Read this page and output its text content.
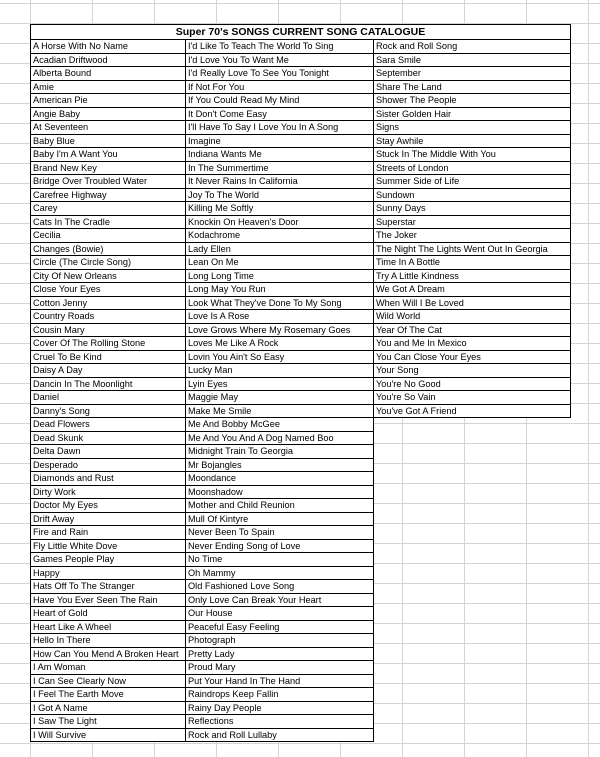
Super 70's SONGS CURRENT SONG CATALOGUE
A Horse With No Name	I'd Like To Teach The World To Sing	Rock and Roll Song
Acadian Driftwood	I'd Love You To Want Me	Sara Smile
Alberta Bound	I'd Really Love To See You Tonight	September
Amie	If Not For You	Share The Land
American Pie	If You Could Read My Mind	Shower The People
Angie Baby	It Don't Come Easy	Sister Golden Hair
At Seventeen	I'll Have To Say I Love You In A Song	Signs
Baby Blue	Imagine	Stay Awhile
Baby I'm A Want You	Indiana Wants Me	Stuck In The Middle With You
Brand New Key	In The Summertime	Streets of London
Bridge Over Troubled Water	It Never Rains In California	Summer Side of Life
Carefree Highway	Joy To The World	Sundown
Carey	Killing Me Softly	Sunny Days
Cats In The Cradle	Knockin On Heaven's Door	Superstar
Cecilia	Kodachrome	The Joker
Changes (Bowie)	Lady Ellen	The Night The Lights Went Out In Georgia
Circle (The Circle Song)	Lean On Me	Time In A Bottle
City Of New Orleans	Long Long Time	Try A Little Kindness
Close Your Eyes	Long May You Run	We Got A Dream
Cotton Jenny	Look What They've Done To My Song	When Will I Be Loved
Country Roads	Love Is A Rose	Wild World
Cousin Mary	Love Grows Where My Rosemary Goes	Year Of The Cat
Cover Of The Rolling Stone	Loves Me Like A Rock	You and Me In Mexico
Cruel To Be Kind	Lovin You Ain't So Easy	You Can Close Your Eyes
Daisy A Day	Lucky Man	Your Song
Dancin In The Moonlight	Lyin Eyes	You're No Good
Daniel	Maggie May	You're So Vain
Danny's Song	Make Me Smile	You've Got A Friend
Dead Flowers	Me And Bobby McGee
Dead Skunk	Me And You And A Dog Named Boo
Delta Dawn	Midnight Train To Georgia
Desperado	Mr Bojangles
Diamonds and Rust	Moondance
Dirty Work	Moonshadow
Doctor My Eyes	Mother and Child Reunion
Drift Away	Mull Of Kintyre
Fire and Rain	Never Been To Spain
Fly Little White Dove	Never Ending Song of Love
Games People Play	No Time
Happy	Oh Mammy
Hats Off To The Stranger	Old Fashioned Love Song
Have You Ever Seen The Rain	Only Love Can Break Your Heart
Heart of Gold	Our House
Heart Like A Wheel	Peaceful Easy Feeling
Hello In There	Photograph
How Can You Mend A Broken Heart	Pretty Lady
I Am Woman	Proud Mary
I Can See Clearly Now	Put Your Hand In The Hand
I Feel The Earth Move	Raindrops Keep Fallin
I Got A Name	Rainy Day People
I Saw The Light	Reflections
I Will Survive	Rock and Roll Lullaby
